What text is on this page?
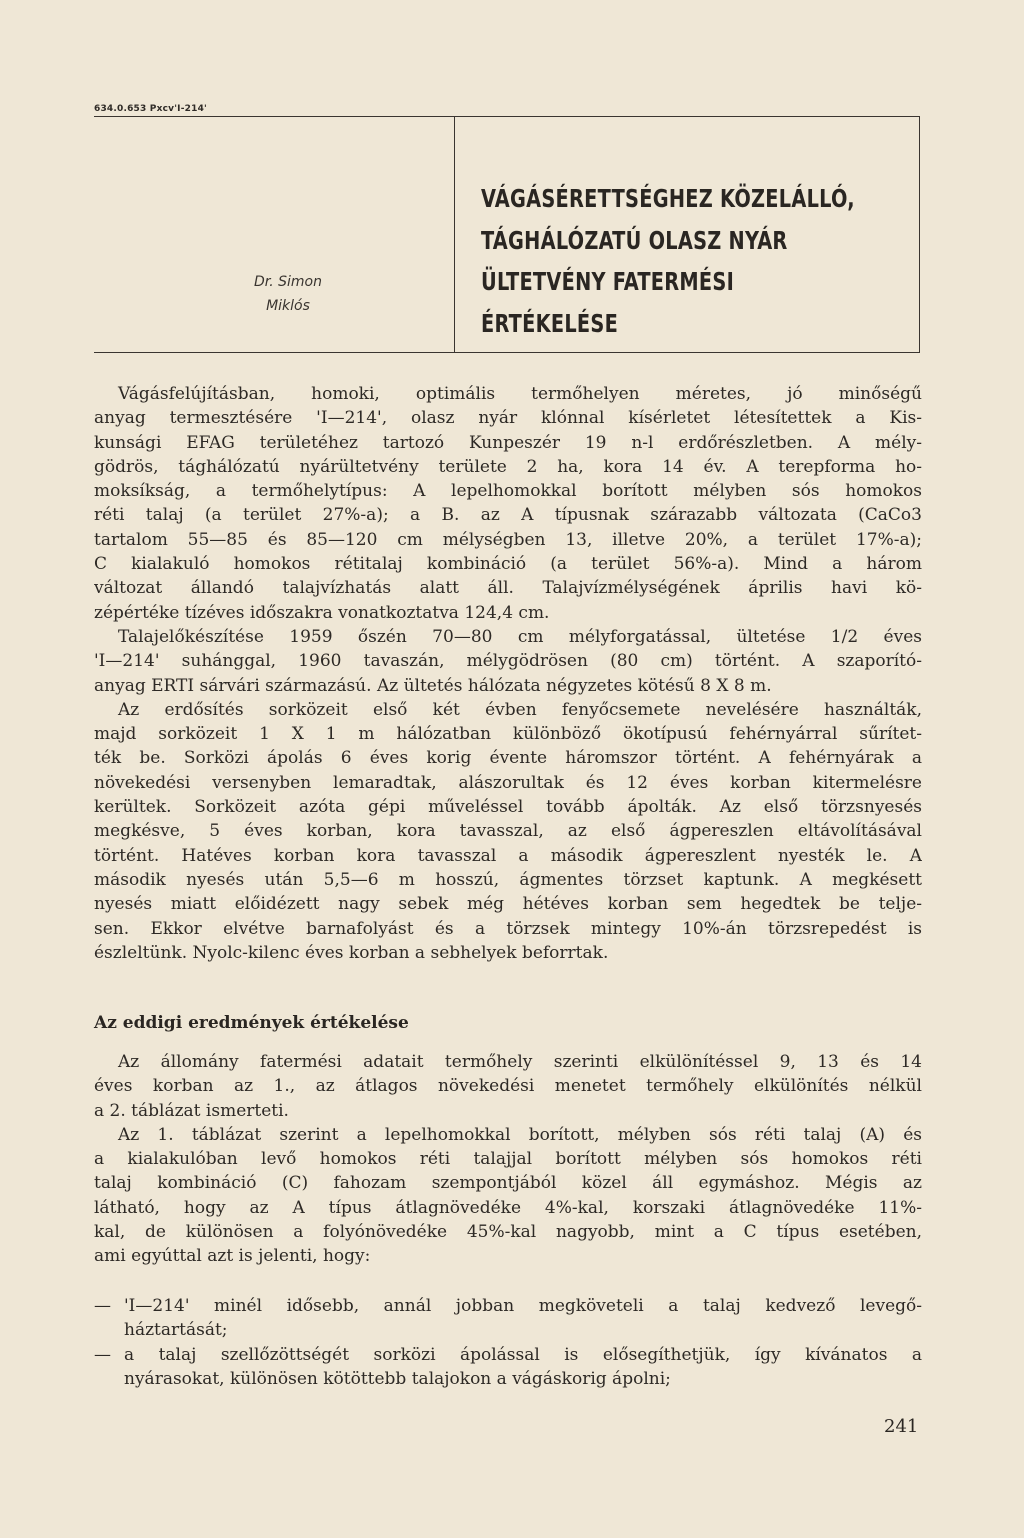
634.0.653 Pxcv'I-214'
Dr. Simon
Miklós
VÁGÁSÉRETTSÉGHEZ KÖZELÁLLÓ,
TÁGHÁLÓZATÚ OLASZ NYÁR
ÜLTETVÉNY FATERMÉSI
ÉRTÉKELÉSE

Vágásfelújításban, homoki, optimális termőhelyen méretes, jó minőségű
anyag termesztésére 'I—214', olasz nyár klónnal kísérletet létesítettek a Kis-
kunsági EFAG területéhez tartozó Kunpeszér 19 n-l erdőrészletben. A mély-
gödrös, tághálózatú nyárültetvény területe 2 ha, kora 14 év. A terepforma ho-
moksíkság, a termőhelytípus: A lepelhomokkal borított mélyben sós homokos
réti talaj (a terület 27%-a); a B. az A típusnak szárazabb változata (CaCo3
tartalom 55—85 és 85—120 cm mélységben 13, illetve 20%, a terület 17%-a);
C kialakuló homokos rétitalaj kombináció (a terület 56%-a). Mind a három
változat állandó talajvízhatás alatt áll. Talajvízmélységének április havi kö-
zépértéke tízéves időszakra vonatkoztatva 124,4 cm.

Talajelőkészítése 1959 őszén 70—80 cm mélyforgatással, ültetése 1/2 éves
'I—214' suhánggal, 1960 tavaszán, mélygödrösen (80 cm) történt. A szaporító-
anyag ERTI sárvári származású. Az ültetés hálózata négyzetes kötésű 8 X 8 m.

Az erdősítés sorközeit első két évben fenyőcsemete nevelésére használták,
majd sorközeit 1 X 1 m hálózatban különböző ökotípusú fehérnyárral sűrítet-
ték be. Sorközi ápolás 6 éves korig évente háromszor történt. A fehérnyárak a
növekedési versenyben lemaradtak, alászorultak és 12 éves korban kitermelésre
kerültek. Sorközeit azóta gépi műveléssel tovább ápolták. Az első törzsnyesés
megkésve, 5 éves korban, kora tavasszal, az első ágpereszlen eltávolításával
történt. Hatéves korban kora tavasszal a második ágpereszlent nyesték le. A
második nyesés után 5,5—6 m hosszú, ágmentes törzset kaptunk. A megkésett
nyesés miatt előidézett nagy sebek még hétéves korban sem hegedtek be telje-
sen. Ekkor elvétve barnafolyást és a törzsek mintegy 10%-án törzsrepedést is
észleltünk. Nyolc-kilenc éves korban a sebhelyek beforrtak.

Az eddigi eredmények értékelése

Az állomány fatermési adatait termőhely szerinti elkülönítéssel 9, 13 és 14
éves korban az 1., az átlagos növekedési menetet termőhely elkülönítés nélkül
a 2. táblázat ismerteti.

Az 1. táblázat szerint a lepelhomokkal borított, mélyben sós réti talaj (A) és
a kialakulóban levő homokos réti talajjal borított mélyben sós homokos réti
talaj kombináció (C) fahozam szempontjából közel áll egymáshoz. Mégis az
látható, hogy az A típus átlagnövedéke 4%-kal, korszaki átlagnövedéke 11%-
kal, de különösen a folyónövedéke 45%-kal nagyobb, mint a C típus esetében,
ami egyúttal azt is jelenti, hogy:

— 'I—214' minél idősebb, annál jobban megköveteli a talaj kedvező levegő-
háztartását;
— a talaj szellőzöttségét sorközi ápolással is elősegíthetjük, így kívánatos a
nyárasokat, különösen kötöttebb talajokon a vágáskorig ápolni;
241
